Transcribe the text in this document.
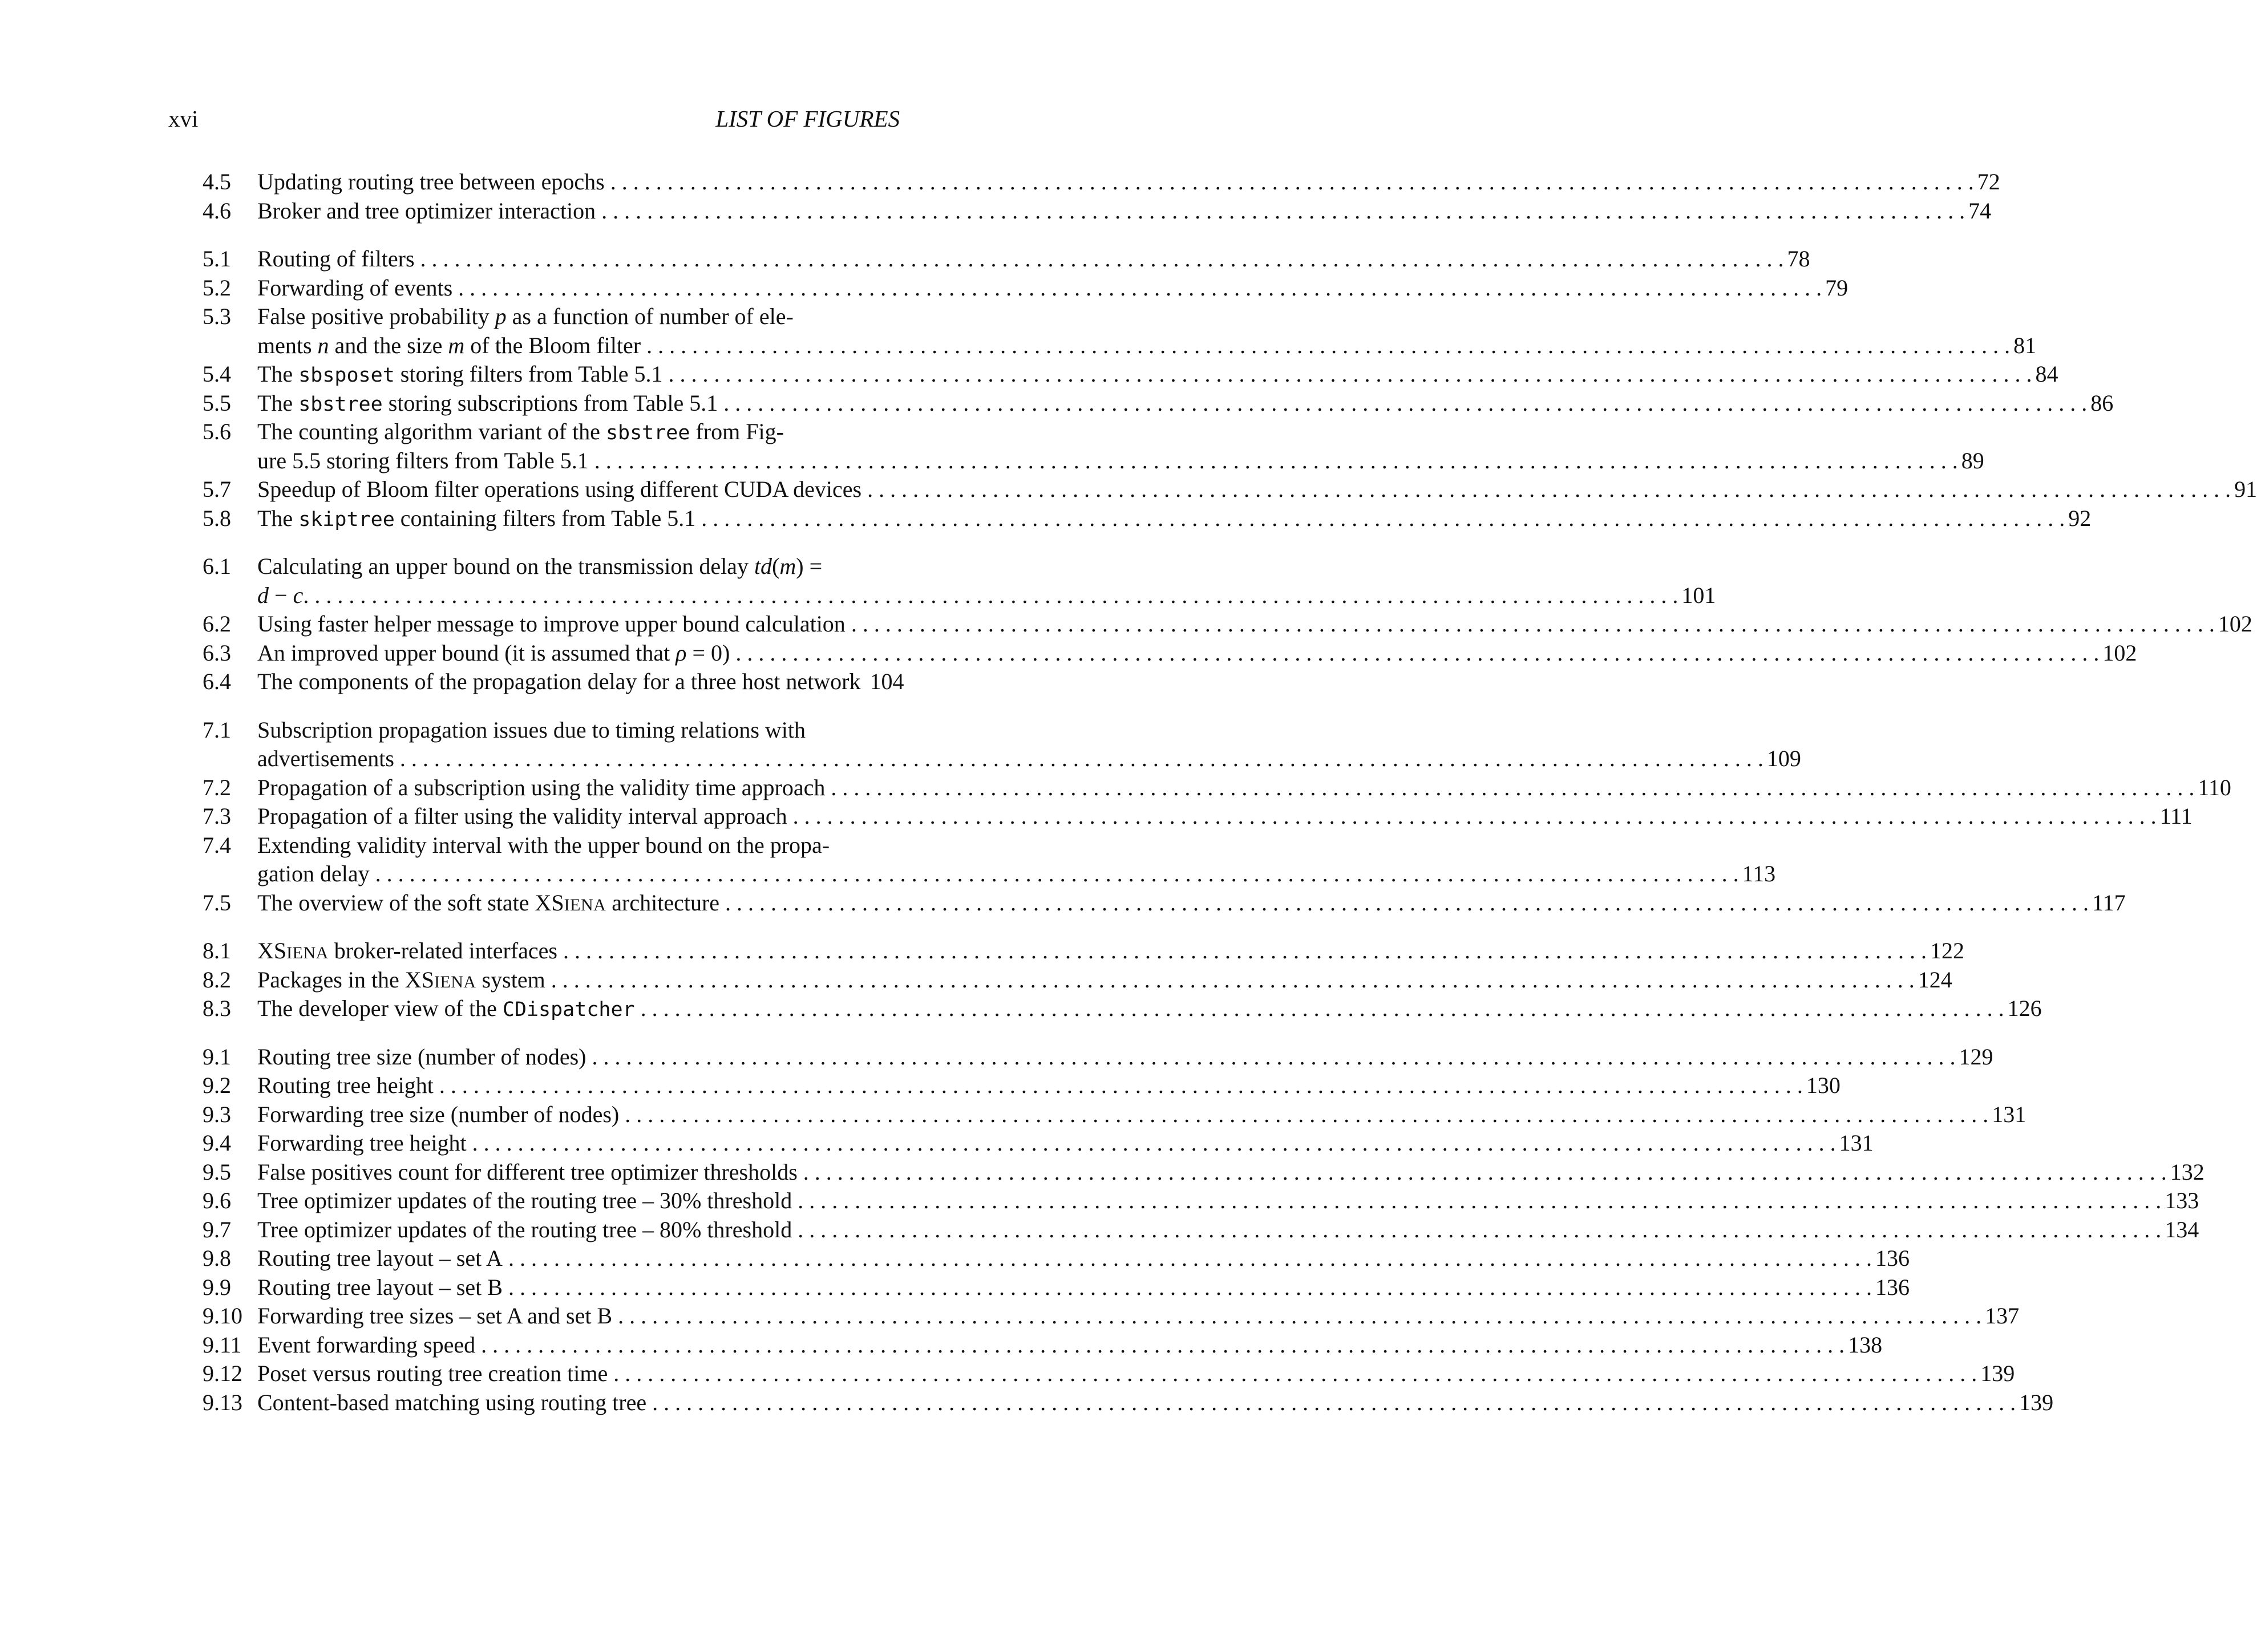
xvi	LIST OF FIGURES
4.5 Updating routing tree between epochs . . . . . . . . . . . . . . . . . . . . . . . . . . . . . . . . . . . . . . . . . . . . . . . . . . . . . . . . . . . . . . . . . . . . . . . . . . . . . . . . . . . . . . . . . . . . . . . . . . . . . . . . . . . . . . . . . . . . . . . . 72
4.6 Broker and tree optimizer interaction . . . . . . . . . . . . . . . . . . . . . . . . . . . . . . . . . . . . . . . . . . . . . . . . . . . . . . . . . . . . . . . . . . . . . . . . . . . . . . . . . . . . . . . . . . . . . . . . . . . . . . . . . . . . . . . . . . . . . . . . 74
5.1 Routing of filters . . . . . . . . . . . . . . . . . . . . . . . . . . . . . . . . . . . . . . . . . . . . . . . . . . . . . . . . . . . . . . . . . . . . . . . . . . . . . . . . . . . . . . . . . . . . . . . . . . . . . . . . . . . . . . . . . . . . . . . . 78
5.2 Forwarding of events . . . . . . . . . . . . . . . . . . . . . . . . . . . . . . . . . . . . . . . . . . . . . . . . . . . . . . . . . . . . . . . . . . . . . . . . . . . . . . . . . . . . . . . . . . . . . . . . . . . . . . . . . . . . . . . . . . . . . . . . 79
5.3 False positive probability p as a function of number of ele-
ments n and the size m of the Bloom filter . . . . . . . . . . . . . . . . . . . . . . . . . . . . . . . . . . . . . . . . . . . . . . . . . . . . . . . . . . . . . . . . . . . . . . . . . . . . . . . . . . . . . . . . . . . . . . . . . . . . . . . . . . . . . . . . . . . . . . . . 81
5.4 The sbsposet storing filters from Table 5.1 . . . . . . . . . . . . . . . . . . . . . . . . . . . . . . . . . . . . . . . . . . . . . . . . . . . . . . . . . . . . . . . . . . . . . . . . . . . . . . . . . . . . . . . . . . . . . . . . . . . . . . . . . . . . . . . . . . . . . . . . 84
5.5 The sbstree storing subscriptions from Table 5.1 . . . . . . . . . . . . . . . . . . . . . . . . . . . . . . . . . . . . . . . . . . . . . . . . . . . . . . . . . . . . . . . . . . . . . . . . . . . . . . . . . . . . . . . . . . . . . . . . . . . . . . . . . . . . . . . . . . . . . . . . 86
5.6 The counting algorithm variant of the sbstree from Fig-
ure 5.5 storing filters from Table 5.1 . . . . . . . . . . . . . . . . . . . . . . . . . . . . . . . . . . . . . . . . . . . . . . . . . . . . . . . . . . . . . . . . . . . . . . . . . . . . . . . . . . . . . . . . . . . . . . . . . . . . . . . . . . . . . . . . . . . . . . . . 89
5.7 Speedup of Bloom filter operations using different CUDA devices . . . . . . . . . . . . . . . . . . . . . . . . . . . . . . . . . . . . . . . . . . . . . . . . . . . . . . . . . . . . . . . . . . . . . . . . . . . . . . . . . . . . . . . . . . . . . . . . . . . . . . . . . . . . . . . . . . . . . . . . 91
5.8 The skiptree containing filters from Table 5.1 . . . . . . . . . . . . . . . . . . . . . . . . . . . . . . . . . . . . . . . . . . . . . . . . . . . . . . . . . . . . . . . . . . . . . . . . . . . . . . . . . . . . . . . . . . . . . . . . . . . . . . . . . . . . . . . . . . . . . . . . 92
6.1 Calculating an upper bound on the transmission delay td(m) =
d − c. . . . . . . . . . . . . . . . . . . . . . . . . . . . . . . . . . . . . . . . . . . . . . . . . . . . . . . . . . . . . . . . . . . . . . . . . . . . . . . . . . . . . . . . . . . . . . . . . . . . . . . . . . . . . . . . . . . . . . . . . 101
6.2 Using faster helper message to improve upper bound calculation . . . . . . . . . . . . . . . . . . . . . . . . . . . . . . . . . . . . . . . . . . . . . . . . . . . . . . . . . . . . . . . . . . . . . . . . . . . . . . . . . . . . . . . . . . . . . . . . . . . . . . . . . . . . . . . . . . . . . . . . 102
6.3 An improved upper bound (it is assumed that ρ = 0) . . . . . . . . . . . . . . . . . . . . . . . . . . . . . . . . . . . . . . . . . . . . . . . . . . . . . . . . . . . . . . . . . . . . . . . . . . . . . . . . . . . . . . . . . . . . . . . . . . . . . . . . . . . . . . . . . . . . . . . . 102
6.4 The components of the propagation delay for a three host network 104
7.1 Subscription propagation issues due to timing relations with
advertisements . . . . . . . . . . . . . . . . . . . . . . . . . . . . . . . . . . . . . . . . . . . . . . . . . . . . . . . . . . . . . . . . . . . . . . . . . . . . . . . . . . . . . . . . . . . . . . . . . . . . . . . . . . . . . . . . . . . . . . . . 109
7.2 Propagation of a subscription using the validity time approach . . . . . . . . . . . . . . . . . . . . . . . . . . . . . . . . . . . . . . . . . . . . . . . . . . . . . . . . . . . . . . . . . . . . . . . . . . . . . . . . . . . . . . . . . . . . . . . . . . . . . . . . . . . . . . . . . . . . . . . . 110
7.3 Propagation of a filter using the validity interval approach . . . . . . . . . . . . . . . . . . . . . . . . . . . . . . . . . . . . . . . . . . . . . . . . . . . . . . . . . . . . . . . . . . . . . . . . . . . . . . . . . . . . . . . . . . . . . . . . . . . . . . . . . . . . . . . . . . . . . . . . 111
7.4 Extending validity interval with the upper bound on the propa-
gation delay . . . . . . . . . . . . . . . . . . . . . . . . . . . . . . . . . . . . . . . . . . . . . . . . . . . . . . . . . . . . . . . . . . . . . . . . . . . . . . . . . . . . . . . . . . . . . . . . . . . . . . . . . . . . . . . . . . . . . . . . 113
7.5 The overview of the soft state XSIENA architecture . . . . . . . . . . . . . . . . . . . . . . . . . . . . . . . . . . . . . . . . . . . . . . . . . . . . . . . . . . . . . . . . . . . . . . . . . . . . . . . . . . . . . . . . . . . . . . . . . . . . . . . . . . . . . . . . . . . . . . . . 117
8.1 XSIENA broker-related interfaces . . . . . . . . . . . . . . . . . . . . . . . . . . . . . . . . . . . . . . . . . . . . . . . . . . . . . . . . . . . . . . . . . . . . . . . . . . . . . . . . . . . . . . . . . . . . . . . . . . . . . . . . . . . . . . . . . . . . . . . . 122
8.2 Packages in the XSIENA system . . . . . . . . . . . . . . . . . . . . . . . . . . . . . . . . . . . . . . . . . . . . . . . . . . . . . . . . . . . . . . . . . . . . . . . . . . . . . . . . . . . . . . . . . . . . . . . . . . . . . . . . . . . . . . . . . . . . . . . . 124
8.3 The developer view of the CDispatcher . . . . . . . . . . . . . . . . . . . . . . . . . . . . . . . . . . . . . . . . . . . . . . . . . . . . . . . . . . . . . . . . . . . . . . . . . . . . . . . . . . . . . . . . . . . . . . . . . . . . . . . . . . . . . . . . . . . . . . . . 126
9.1 Routing tree size (number of nodes) . . . . . . . . . . . . . . . . . . . . . . . . . . . . . . . . . . . . . . . . . . . . . . . . . . . . . . . . . . . . . . . . . . . . . . . . . . . . . . . . . . . . . . . . . . . . . . . . . . . . . . . . . . . . . . . . . . . . . . . . 129
9.2 Routing tree height . . . . . . . . . . . . . . . . . . . . . . . . . . . . . . . . . . . . . . . . . . . . . . . . . . . . . . . . . . . . . . . . . . . . . . . . . . . . . . . . . . . . . . . . . . . . . . . . . . . . . . . . . . . . . . . . . . . . . . . . 130
9.3 Forwarding tree size (number of nodes) . . . . . . . . . . . . . . . . . . . . . . . . . . . . . . . . . . . . . . . . . . . . . . . . . . . . . . . . . . . . . . . . . . . . . . . . . . . . . . . . . . . . . . . . . . . . . . . . . . . . . . . . . . . . . . . . . . . . . . . . 131
9.4 Forwarding tree height . . . . . . . . . . . . . . . . . . . . . . . . . . . . . . . . . . . . . . . . . . . . . . . . . . . . . . . . . . . . . . . . . . . . . . . . . . . . . . . . . . . . . . . . . . . . . . . . . . . . . . . . . . . . . . . . . . . . . . . . 131
9.5 False positives count for different tree optimizer thresholds . . . . . . . . . . . . . . . . . . . . . . . . . . . . . . . . . . . . . . . . . . . . . . . . . . . . . . . . . . . . . . . . . . . . . . . . . . . . . . . . . . . . . . . . . . . . . . . . . . . . . . . . . . . . . . . . . . . . . . . . 132
9.6 Tree optimizer updates of the routing tree – 30% threshold . . . . . . . . . . . . . . . . . . . . . . . . . . . . . . . . . . . . . . . . . . . . . . . . . . . . . . . . . . . . . . . . . . . . . . . . . . . . . . . . . . . . . . . . . . . . . . . . . . . . . . . . . . . . . . . . . . . . . . . . 133
9.7 Tree optimizer updates of the routing tree – 80% threshold . . . . . . . . . . . . . . . . . . . . . . . . . . . . . . . . . . . . . . . . . . . . . . . . . . . . . . . . . . . . . . . . . . . . . . . . . . . . . . . . . . . . . . . . . . . . . . . . . . . . . . . . . . . . . . . . . . . . . . . . 134
9.8 Routing tree layout – set A . . . . . . . . . . . . . . . . . . . . . . . . . . . . . . . . . . . . . . . . . . . . . . . . . . . . . . . . . . . . . . . . . . . . . . . . . . . . . . . . . . . . . . . . . . . . . . . . . . . . . . . . . . . . . . . . . . . . . . . . 136
9.9 Routing tree layout – set B . . . . . . . . . . . . . . . . . . . . . . . . . . . . . . . . . . . . . . . . . . . . . . . . . . . . . . . . . . . . . . . . . . . . . . . . . . . . . . . . . . . . . . . . . . . . . . . . . . . . . . . . . . . . . . . . . . . . . . . . 136
9.10 Forwarding tree sizes – set A and set B . . . . . . . . . . . . . . . . . . . . . . . . . . . . . . . . . . . . . . . . . . . . . . . . . . . . . . . . . . . . . . . . . . . . . . . . . . . . . . . . . . . . . . . . . . . . . . . . . . . . . . . . . . . . . . . . . . . . . . . . 137
9.11 Event forwarding speed . . . . . . . . . . . . . . . . . . . . . . . . . . . . . . . . . . . . . . . . . . . . . . . . . . . . . . . . . . . . . . . . . . . . . . . . . . . . . . . . . . . . . . . . . . . . . . . . . . . . . . . . . . . . . . . . . . . . . . . . 138
9.12 Poset versus routing tree creation time . . . . . . . . . . . . . . . . . . . . . . . . . . . . . . . . . . . . . . . . . . . . . . . . . . . . . . . . . . . . . . . . . . . . . . . . . . . . . . . . . . . . . . . . . . . . . . . . . . . . . . . . . . . . . . . . . . . . . . . . 139
9.13 Content-based matching using routing tree . . . . . . . . . . . . . . . . . . . . . . . . . . . . . . . . . . . . . . . . . . . . . . . . . . . . . . . . . . . . . . . . . . . . . . . . . . . . . . . . . . . . . . . . . . . . . . . . . . . . . . . . . . . . . . . . . . . . . . . . 139
